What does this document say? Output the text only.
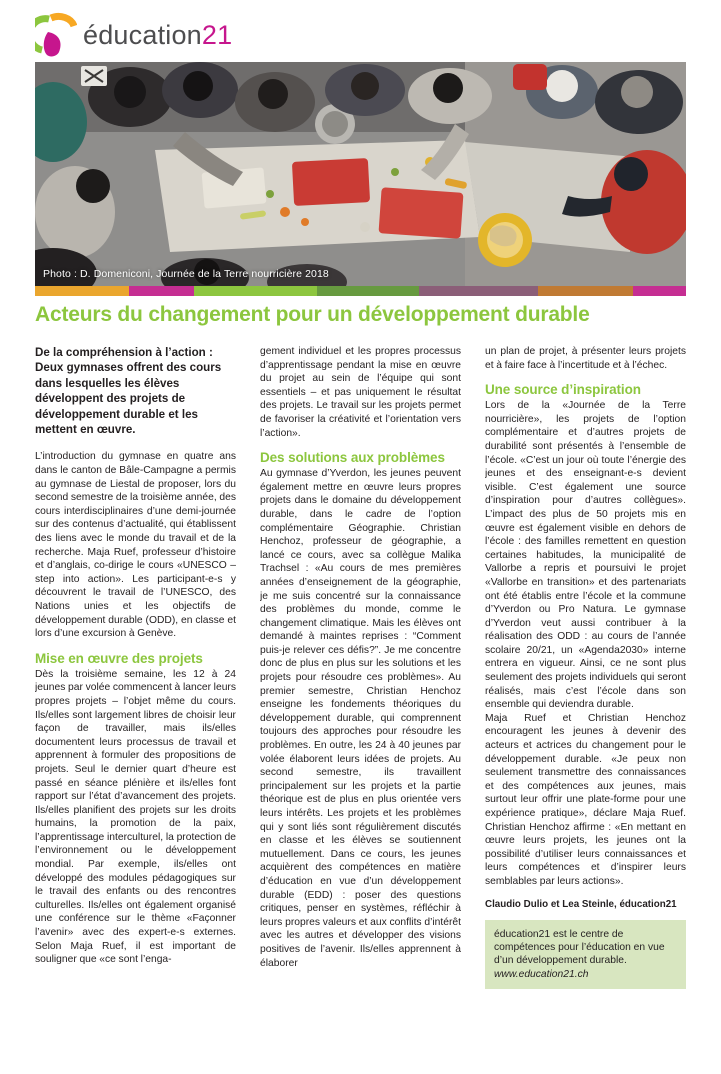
éducation21
Photo : D. Domeniconi, Journée de la Terre nourricière 2018
Acteurs du changement pour un développement durable

De la compréhension à l’action : Deux gymnases offrent des cours dans lesquelles les élèves développent des projets de développement durable et les mettent en œuvre.

L’introduction du gymnase en quatre ans dans le canton de Bâle-Campagne a permis au gymnase de Liestal de proposer, lors du second semestre de la troisième année, des cours interdisciplinaires d’une demi-journée sur des contenus d’actualité, qui établissent des liens avec le monde du travail et de la recherche. Maja Ruef, professeur d’histoire et d’anglais, co-dirige le cours «UNESCO – step into action». Les participant-e-s y découvrent le travail de l’UNESCO, des Nations unies et les objectifs de développement durable (ODD), en classe et lors d’une excursion à Genève.

Mise en œuvre des projets

Dès la troisième semaine, les 12 à 24 jeunes par volée commencent à lancer leurs propres projets – l’objet même du cours. Ils/elles sont largement libres de choisir leur façon de travailler, mais ils/elles documentent leurs processus de travail et apprennent à formuler des propositions de projets. Seul le dernier quart d’heure est passé en séance plénière et ils/elles font rapport sur l’état d’avancement des projets. Ils/elles planifient des projets sur les droits humains, la promotion de la paix, l’apprentissage interculturel, la protection de l’environnement ou le développement mondial. Par exemple, ils/elles ont développé des modules pédagogiques sur le travail des enfants ou des rencontres culturelles. Ils/elles ont également organisé une conférence sur le thème «Façonner l’avenir» avec des expert-e-s externes. Selon Maja Ruef, il est important de souligner que «ce sont l’enga-

gement individuel et les propres processus d’apprentissage pendant la mise en œuvre du projet au sein de l’équipe qui sont essentiels – et pas uniquement le résultat des projets. Le travail sur les projets permet de favoriser la créativité et l’orientation vers l’action».

Des solutions aux problèmes

Au gymnase d’Yverdon, les jeunes peuvent également mettre en œuvre leurs propres projets dans le domaine du développement durable, dans le cadre de l’option complémentaire Géographie. Christian Henchoz, professeur de géographie, a lancé ce cours, avec sa collègue Malika Trachsel : «Au cours de mes premières années d’enseignement de la géographie, je me suis concentré sur la connaissance des problèmes du monde, comme le changement climatique. Mais les élèves ont demandé à maintes reprises : “Comment puis-je relever ces défis?”. Je me concentre donc de plus en plus sur les solutions et les projets pour résoudre ces problèmes». Au premier semestre, Christian Henchoz enseigne les fondements théoriques du développement durable, qui comprennent toujours des approches pour résoudre les problèmes. En outre, les 24 à 40 jeunes par volée élaborent leurs idées de projets. Au second semestre, ils travaillent principalement sur les projets et la partie théorique est de plus en plus orientée vers leurs intérêts. Les projets et les problèmes qui y sont liés sont régulièrement discutés en classe et les élèves se soutiennent mutuellement. Dans ce cours, les jeunes acquièrent des compétences en matière d’éducation en vue d’un développement durable (EDD) : poser des questions critiques, penser en systèmes, réfléchir à leurs propres valeurs et aux conflits d’intérêt avec les autres et développer des visions positives de l’avenir. Ils/elles apprennent à élaborer

un plan de projet, à présenter leurs projets et à faire face à l’incertitude et à l’échec.

Une source d’inspiration

Lors de la «Journée de la Terre nourricière», les projets de l’option complémentaire et d’autres projets de durabilité sont présentés à l’ensemble de l’école. «C’est un jour où toute l’énergie des jeunes et des enseignant-e-s devient visible. C’est également une source d’inspiration pour d’autres collègues». L’impact des plus de 50 projets mis en œuvre est également visible en dehors de l’école : des familles remettent en question certaines habitudes, la municipalité de Vallorbe a repris et poursuivi le projet «Vallorbe en transition» et des partenariats ont été établis entre l’école et la commune d’Yverdon ou Pro Natura. Le gymnase d’Yverdon veut aussi contribuer à la réalisation des ODD : au cours de l’année scolaire 20/21, un «Agenda2030» interne entrera en vigueur. Ainsi, ce ne sont plus seulement des projets individuels qui seront réalisés, mais c’est l’école dans son ensemble qui deviendra durable.

Maja Ruef et Christian Henchoz encouragent les jeunes à devenir des acteurs et actrices du changement pour le développement durable. «Je peux non seulement transmettre des connaissances et des compétences aux jeunes, mais surtout leur offrir une plate-forme pour une expérience pratique», déclare Maja Ruef. Christian Henchoz affirme : «En mettant en œuvre leurs projets, les jeunes ont la possibilité d’utiliser leurs connaissances et leurs compétences et d’inspirer leurs semblables par leurs actions».

Claudio Dulio et Lea Steinle, éducation21

éducation21 est le centre de compétences pour l’éducation en vue d’un développement durable. www.education21.ch
